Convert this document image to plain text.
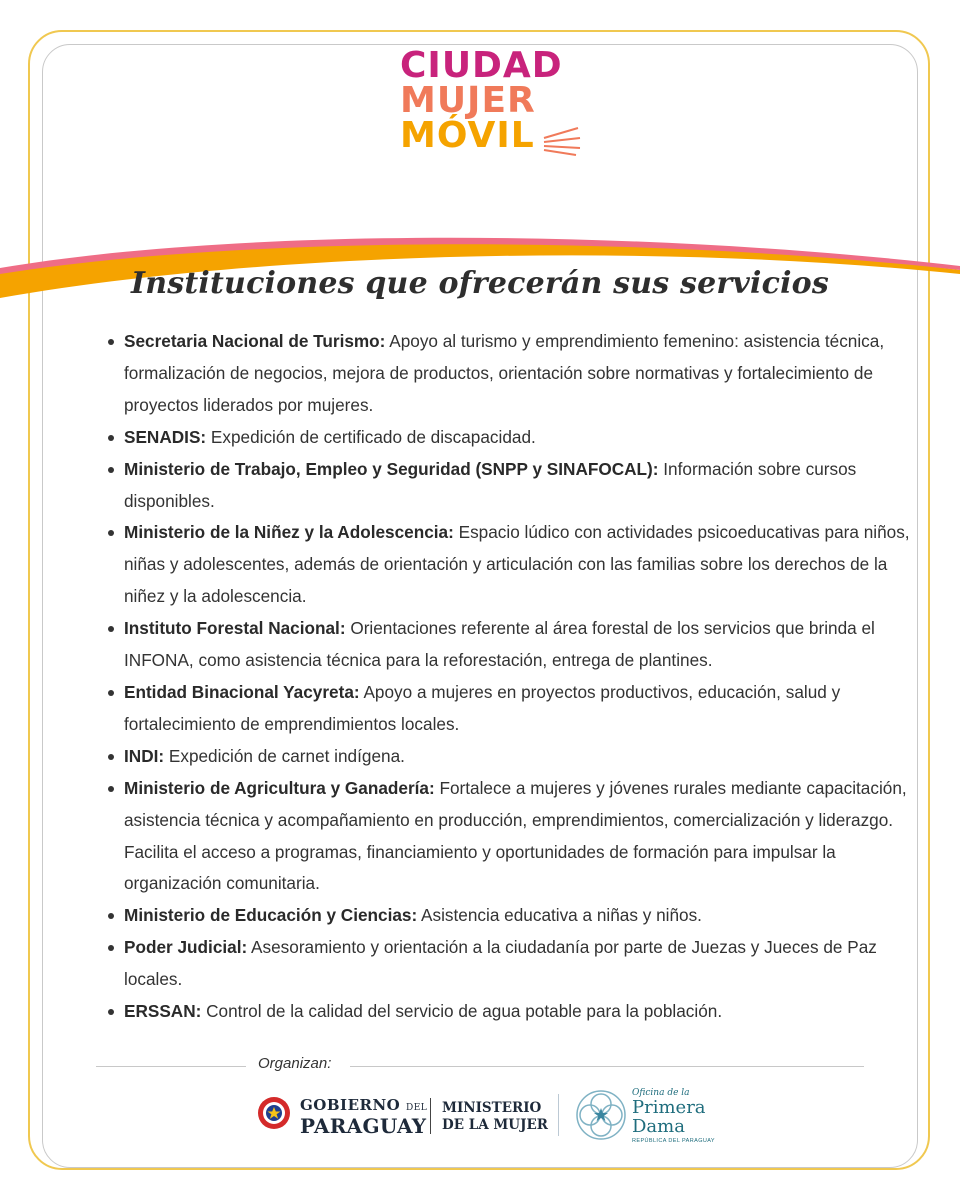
CIUDAD
MUJER
MÓVIL
Instituciones que ofrecerán sus servicios
Secretaria Nacional de Turismo: Apoyo al turismo y emprendimiento femenino: asistencia técnica, formalización de negocios, mejora de productos, orientación sobre normativas y fortalecimiento de proyectos liderados por mujeres.
SENADIS: Expedición de certificado de discapacidad.
Ministerio de Trabajo, Empleo y Seguridad (SNPP y SINAFOCAL): Información sobre cursos disponibles.
Ministerio de la Niñez y la Adolescencia: Espacio lúdico con actividades psicoeducativas para niños, niñas y adolescentes, además de orientación y articulación con las familias sobre los derechos de la niñez y la adolescencia.
Instituto Forestal Nacional: Orientaciones referente al área forestal de los servicios que brinda el INFONA, como asistencia técnica para la reforestación, entrega de plantines.
Entidad Binacional Yacyreta: Apoyo a mujeres en proyectos productivos, educación, salud y fortalecimiento de emprendimientos locales.
INDI: Expedición de carnet indígena.
Ministerio de Agricultura y Ganadería: Fortalece a mujeres y jóvenes rurales mediante capacitación, asistencia técnica y acompañamiento en producción, emprendimientos, comercialización y liderazgo. Facilita el acceso a programas, financiamiento y oportunidades de formación para impulsar la organización comunitaria.
Ministerio de Educación y Ciencias: Asistencia educativa a niñas y niños.
Poder Judicial: Asesoramiento y orientación a la ciudadanía por parte de Juezas y Jueces de Paz locales.
ERSSAN: Control de la calidad del servicio de agua potable para la población.
Organizan:
GOBIERNO DEL
PARAGUAY
MINISTERIO
DE LA MUJER
Oficina de la
Primera
Dama
REPÚBLICA DEL PARAGUAY
